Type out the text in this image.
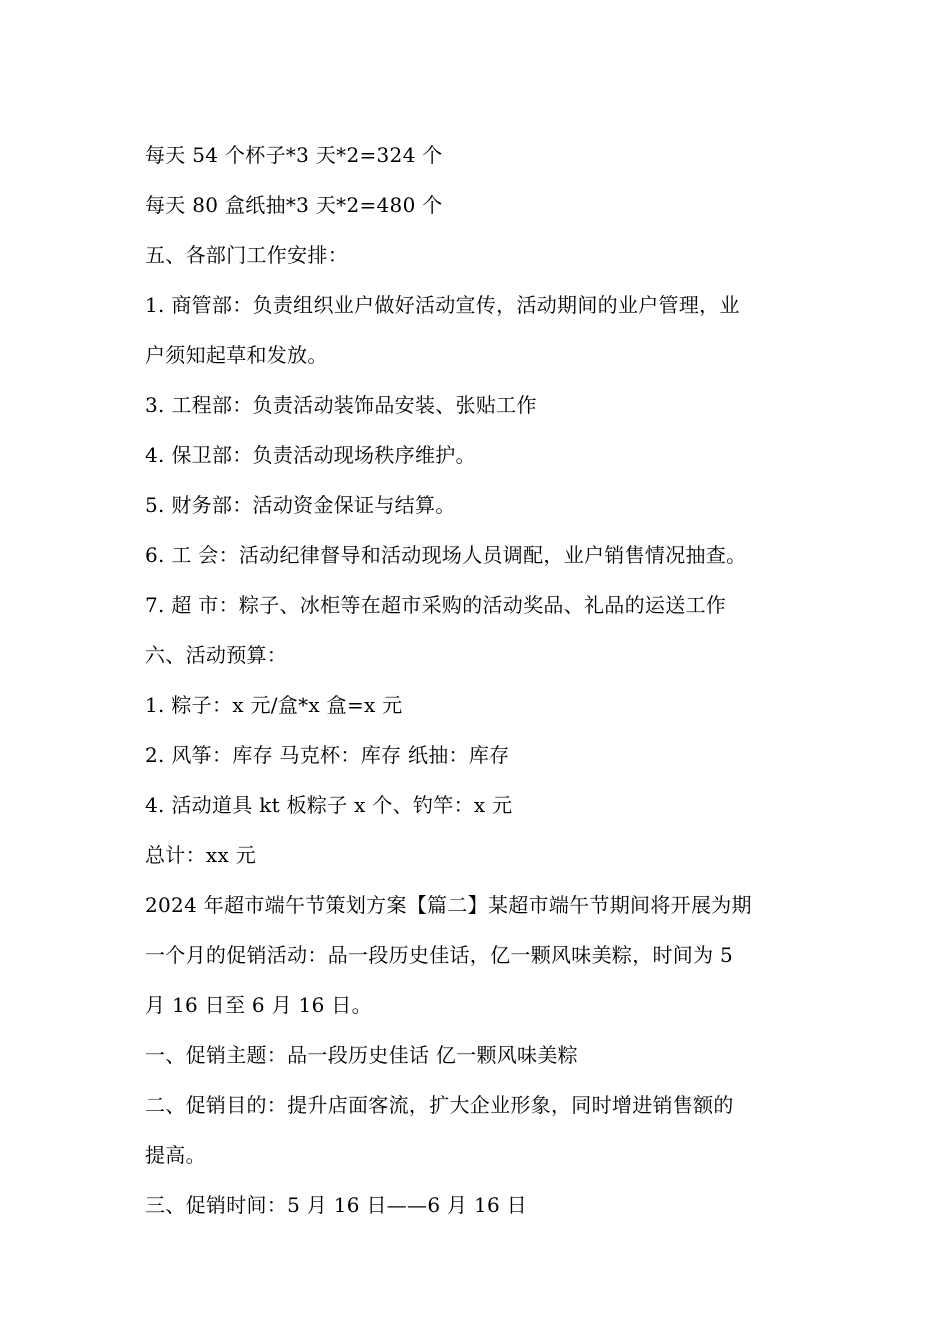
每天 54 个杯子*3 天*2=324 个
每天 80 盒纸抽*3 天*2=480 个
五、各部门工作安排：
1. 商管部：负责组织业户做好活动宣传，活动期间的业户管理，业
户须知起草和发放。
3. 工程部：负责活动装饰品安装、张贴工作
4. 保卫部：负责活动现场秩序维护。
5. 财务部：活动资金保证与结算。
6. 工 会：活动纪律督导和活动现场人员调配，业户销售情况抽查。
7. 超 市：粽子、冰柜等在超市采购的活动奖品、礼品的运送工作
六、活动预算：
1. 粽子：x 元/盒*x 盒=x 元
2. 风筝：库存 马克杯：库存 纸抽：库存
4. 活动道具 kt 板粽子 x 个、钓竿：x 元
总计：xx 元
2024 年超市端午节策划方案【篇二】某超市端午节期间将开展为期
一个月的促销活动：品一段历史佳话，亿一颗风味美粽，时间为 5
月 16 日至 6 月 16 日。
一、促销主题：品一段历史佳话 亿一颗风味美粽
二、促销目的：提升店面客流，扩大企业形象，同时增进销售额的
提高。
三、促销时间：5 月 16 日——6 月 16 日
